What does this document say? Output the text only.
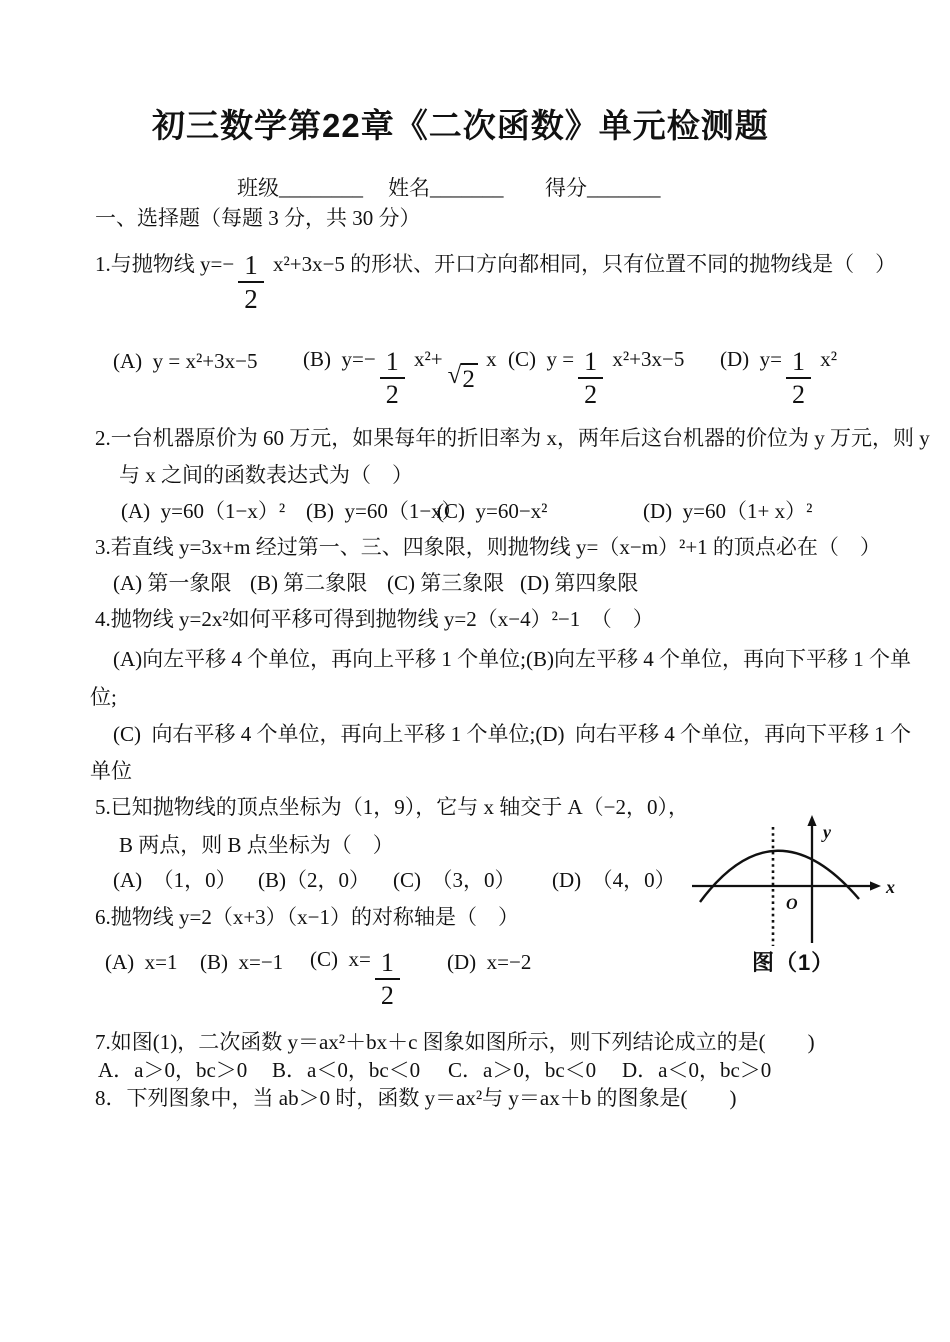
初三数学第22章《二次函数》单元检测题
班级________ 姓名_______ 得分_______
一、选择题（每题 3 分，共 30 分）
1.与抛物线 $y=- \frac{1}{2} x^2+3x-5$ 的形状、开口方向都相同，只有位置不同的抛物线是（　）
(A)  y = x²+3x−5 (B)  $y=- \frac{1}{2} x^2+$
√ 2
x (C)  $y = \frac{1}{2} x^2+3x-5$ (D)  $y= \frac{1}{2} x^2$
2.一台机器原价为 60 万元，如果每年的折旧率为 x，两年后这台机器的价位为 y 万元，则 y
与 x 之间的函数表达式为（　）
(A)  y=60（1−x）² (B)  y=60（1−x）
(C)  y=60−x²	(D)  y=60（1+ x）²
3.若直线 y=3x+m 经过第一、三、四象限，则抛物线 y=（x−m）²+1 的顶点必在（　）
(A) 第一象限 (B) 第二象限 (C) 第三象限 (D) 第四象限
4.抛物线 y=2x²如何平移可得到抛物线 y=2（x−4）²−1　（　）
(A)向左平移 4 个单位，再向上平移 1 个单位;(B)向左平移 4 个单位，再向下平移 1 个单
位;
(C)  向右平移 4 个单位，再向上平移 1 个单位;(D)  向右平移 4 个单位，再向下平移 1 个
单位
5.已知抛物线的顶点坐标为（1，9），它与 x 轴交于 A（−2，0），
B 两点，则 B 点坐标为（　）
(A)　（1，0） (B)（2，0） (C)　（3，0） (D)　（4，0）
6.抛物线 y=2（x+3）（x−1）的对称轴是（　）
(A)  x=1 (B)  x=−1 (C)  $x= \frac{1}{2} (D)$  x=−2
7.如图(1)，二次函数 y＝ax²＋bx＋c 图象如图所示，则下列结论成立的是(　　)
A．a＞0，bc＞0 B．a＜0，bc＜0 C．a＞0，bc＜0 D．a＜0，bc＞0
8．下列图象中，当 ab＞0 时，函数 y＝ax²与 y＝ax＋b 的图象是(　　)
y
x
O
图（1）
